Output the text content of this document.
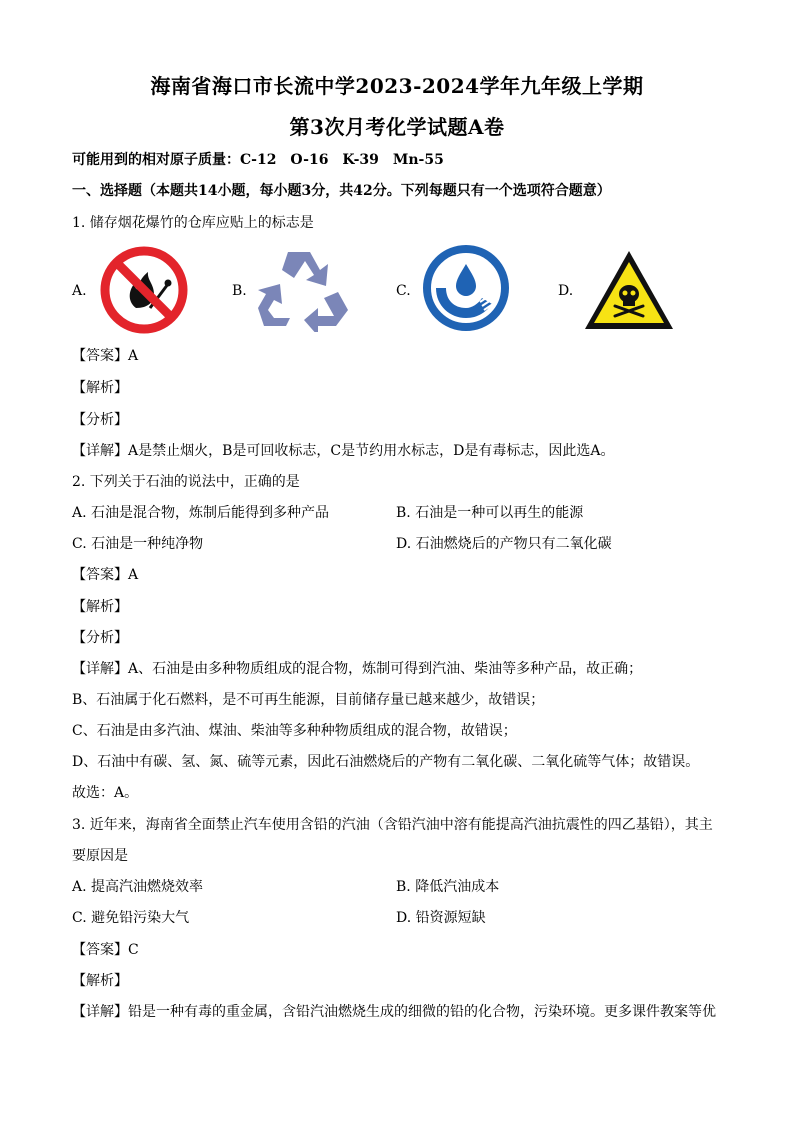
海南省海口市长流中学2023-2024学年九年级上学期
第3次月考化学试题A卷
可能用到的相对原子质量：C-12　O-16　K-39　Mn-55
一、选择题（本题共14小题，每小题3分，共42分。下列每题只有一个选项符合题意）
1. 储存烟花爆竹的仓库应贴上的标志是
A.	B.	C.	D.
【答案】A
【解析】
【分析】
【详解】A是禁止烟火，B是可回收标志，C是节约用水标志，D是有毒标志，因此选A。
2. 下列关于石油的说法中，正确的是
A. 石油是混合物，炼制后能得到多种产品	B. 石油是一种可以再生的能源
C. 石油是一种纯净物	D. 石油燃烧后的产物只有二氧化碳
【答案】A
【解析】
【分析】
【详解】A、石油是由多种物质组成的混合物，炼制可得到汽油、柴油等多种产品，故正确；
B、石油属于化石燃料，是不可再生能源，目前储存量已越来越少，故错误；
C、石油是由多汽油、煤油、柴油等多种种物质组成的混合物，故错误；
D、石油中有碳、氢、氮、硫等元素，因此石油燃烧后的产物有二氧化碳、二氧化硫等气体；故错误。
故选：A。
3. 近年来，海南省全面禁止汽车使用含铅的汽油（含铅汽油中溶有能提高汽油抗震性的四乙基铅），其主
要原因是
A. 提高汽油燃烧效率	B. 降低汽油成本
C. 避免铅污染大气	D. 铅资源短缺
【答案】C
【解析】
【详解】铅是一种有毒的重金属，含铅汽油燃烧生成的细微的铅的化合物，污染环境。更多课件教案等优
